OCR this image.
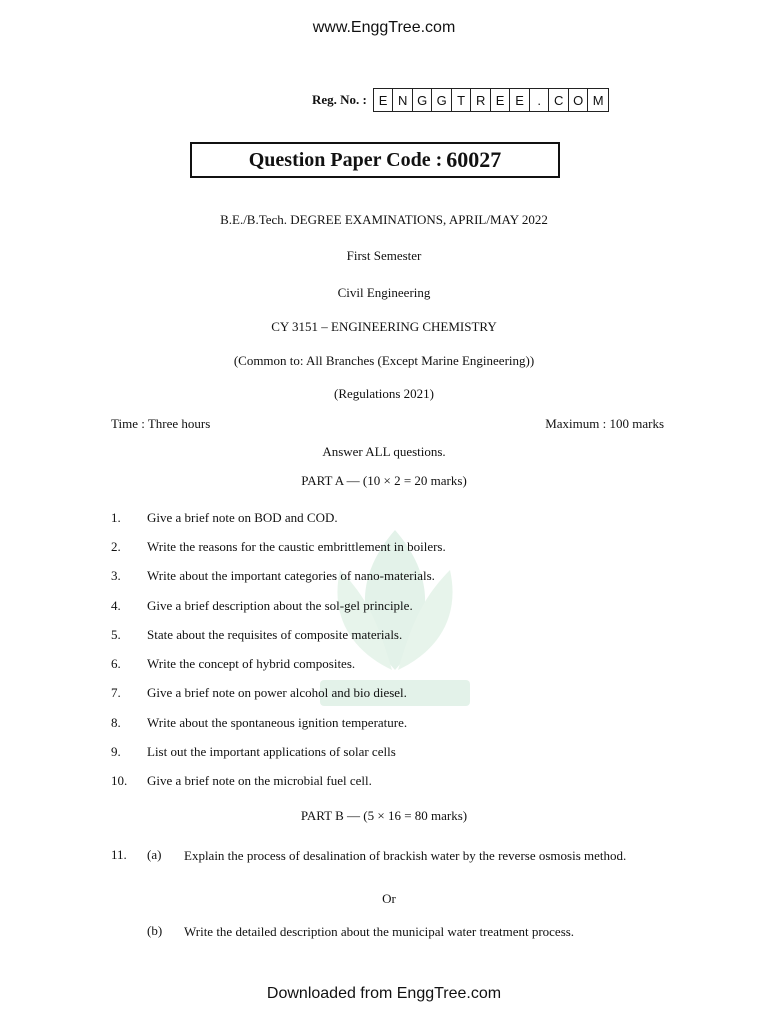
www.EnggTree.com
Reg. No. : E N G G T R E E	. C O M
Question Paper Code : 60027
B.E./B.Tech. DEGREE EXAMINATIONS, APRIL/MAY 2022
First Semester
Civil Engineering
CY 3151 – ENGINEERING CHEMISTRY
(Common to: All Branches (Except Marine Engineering))
(Regulations 2021)
Time : Three hours	Maximum : 100 marks
Answer ALL questions.
PART A — (10 × 2 = 20 marks)
1.	Give a brief note on BOD and COD.
2.	Write the reasons for the caustic embrittlement in boilers.
3.	Write about the important categories of nano-materials.
4.	Give a brief description about the sol-gel principle.
5.	State about the requisites of composite materials.
6.	Write the concept of hybrid composites.
7.	Give a brief note on power alcohol and bio diesel.
8.	Write about the spontaneous ignition temperature.
9.	List out the important applications of solar cells
10.	Give a brief note on the microbial fuel cell.
PART B — (5 × 16 = 80 marks)
11.	(a)	Explain the process of desalination of brackish water by the reverse osmosis method.
Or
(b)	Write the detailed description about the municipal water treatment process.
Downloaded from EnggTree.com
